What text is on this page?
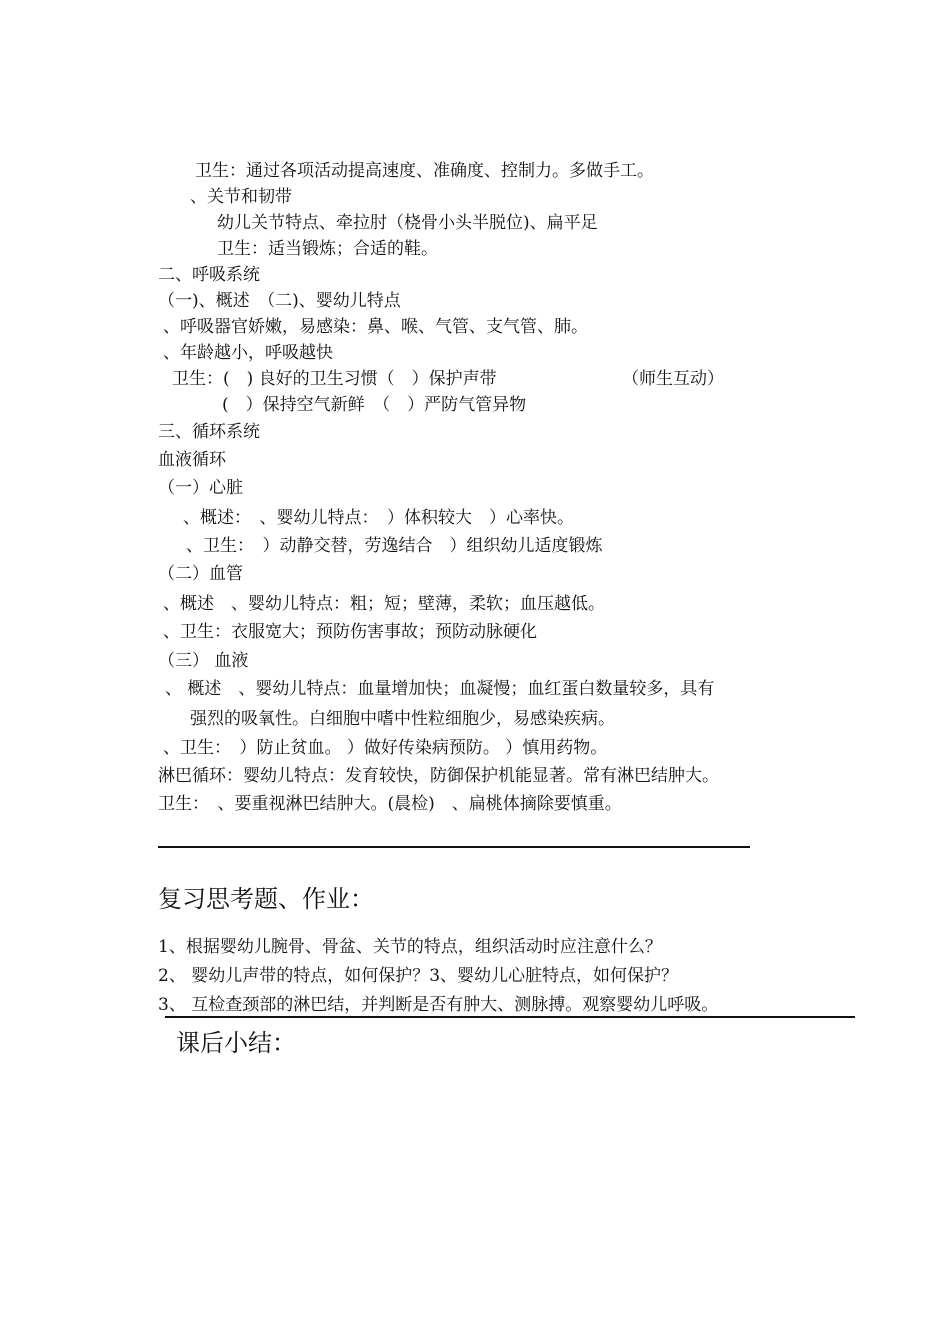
卫生：通过各项活动提高速度、准确度、控制力。多做手工。
、关节和韧带
幼儿关节特点、牵拉肘（桡骨小头半脱位)、扁平足
卫生：适当锻炼；合适的鞋。
二、呼吸系统
（一)、概述　（二)、婴幼儿特点
、呼吸器官娇嫩，易感染：鼻、喉、气管、支气管、肺。
、年龄越小，呼吸越快
卫生：(　) 良好的卫生习惯（　）保护声带	（师生互动）
(　）保持空气新鲜　（　）严防气管异物
三、循环系统
血液循环
（一）心脏
、概述：　、婴幼儿特点：　）体积较大　）心率快。
、卫生：　）动静交替，劳逸结合　）组织幼儿适度锻炼
（二）血管
、概述　、婴幼儿特点：粗；短；壁薄，柔软；血压越低。
、卫生：衣服宽大；预防伤害事故；预防动脉硬化
（三） 血液
、 概述　、婴幼儿特点：血量增加快；血凝慢；血红蛋白数量较多，具有
强烈的吸氧性。白细胞中嗜中性粒细胞少，易感染疾病。
、卫生：　）防止贫血。 ）做好传染病预防。 ）慎用药物。
淋巴循环：婴幼儿特点：发育较快，防御保护机能显著。常有淋巴结肿大。
卫生：　、要重视淋巴结肿大。(晨检)　、扁桃体摘除要慎重。
复习思考题、作业：
1、根据婴幼儿腕骨、骨盆、关节的特点，组织活动时应注意什么？
2、 婴幼儿声带的特点，如何保护？3、婴幼儿心脏特点，如何保护？
3、 互检查颈部的淋巴结，并判断是否有肿大、测脉搏。观察婴幼儿呼吸。
课后小结：
